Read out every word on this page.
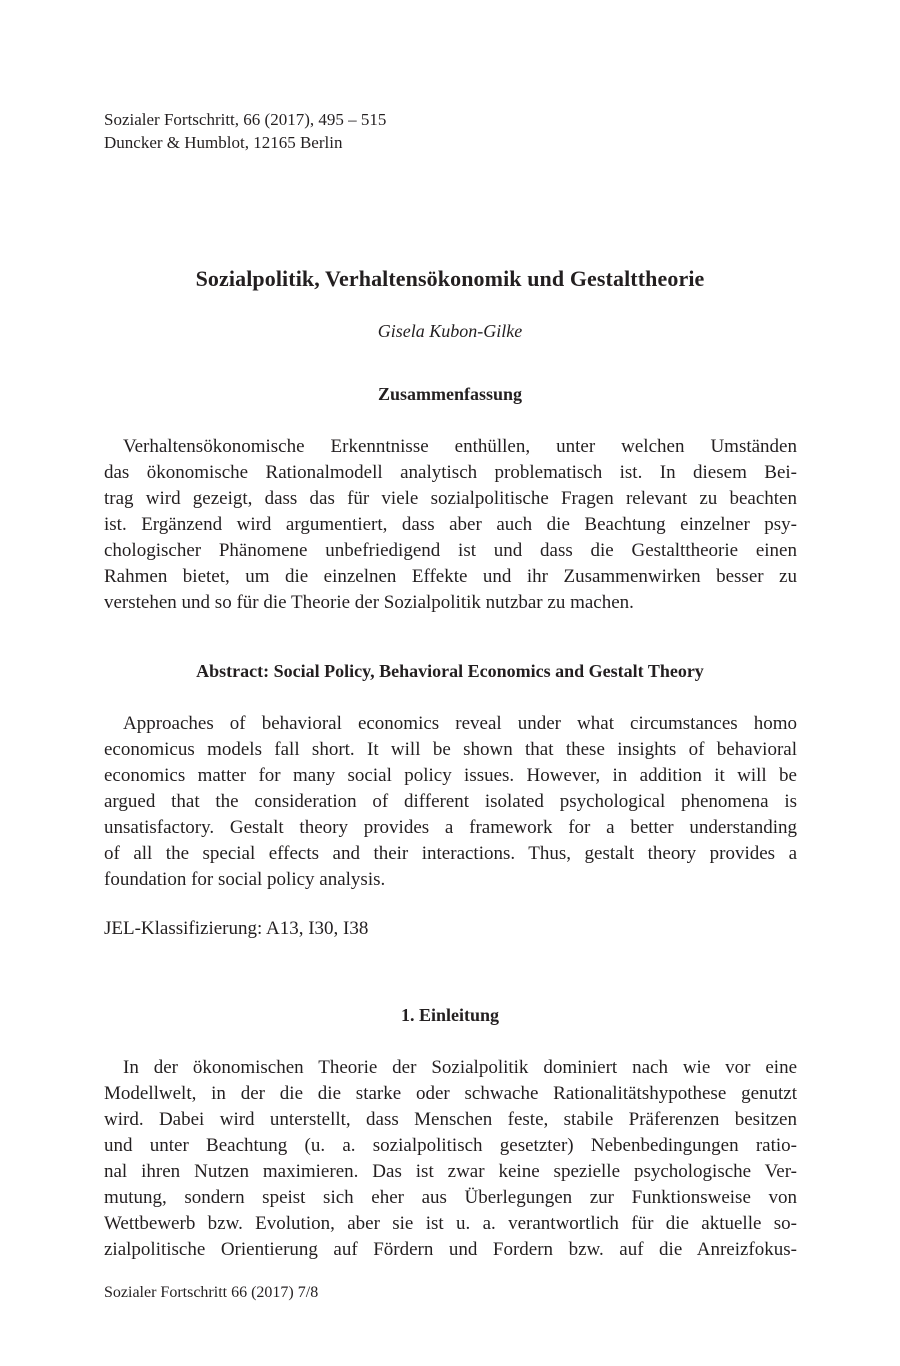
Sozialer Fortschritt, 66 (2017), 495 – 515
Duncker & Humblot, 12165 Berlin
Sozialpolitik, Verhaltensökonomik und Gestalttheorie
Gisela Kubon-Gilke
Zusammenfassung
Verhaltensökonomische Erkenntnisse enthüllen, unter welchen Umständen
das ökonomische Rationalmodell analytisch problematisch ist. In diesem Bei-
trag wird gezeigt, dass das für viele sozialpolitische Fragen relevant zu beachten
ist. Ergänzend wird argumentiert, dass aber auch die Beachtung einzelner psy-
chologischer Phänomene unbefriedigend ist und dass die Gestalttheorie einen
Rahmen bietet, um die einzelnen Effekte und ihr Zusammenwirken besser zu
verstehen und so für die Theorie der Sozialpolitik nutzbar zu machen.
Abstract: Social Policy, Behavioral Economics and Gestalt Theory
Approaches of behavioral economics reveal under what circumstances homo
economicus models fall short. It will be shown that these insights of behavioral
economics matter for many social policy issues. However, in addition it will be
argued that the consideration of different isolated psychological phenomena is
unsatisfactory. Gestalt theory provides a framework for a better understanding
of all the special effects and their interactions. Thus, gestalt theory provides a
foundation for social policy analysis.
JEL-Klassifizierung: A13, I30, I38
1. Einleitung
In der ökonomischen Theorie der Sozialpolitik dominiert nach wie vor eine
Modellwelt, in der die die starke oder schwache Rationalitätshypothese genutzt
wird. Dabei wird unterstellt, dass Menschen feste, stabile Präferenzen besitzen
und unter Beachtung (u. a. sozialpolitisch gesetzter) Nebenbedingungen ratio-
nal ihren Nutzen maximieren. Das ist zwar keine spezielle psychologische Ver-
mutung, sondern speist sich eher aus Überlegungen zur Funktionsweise von
Wettbewerb bzw. Evolution, aber sie ist u. a. verantwortlich für die aktuelle so-
zialpolitische Orientierung auf Fördern und Fordern bzw. auf die Anreizfokus-
Sozialer Fortschritt 66 (2017) 7/8
